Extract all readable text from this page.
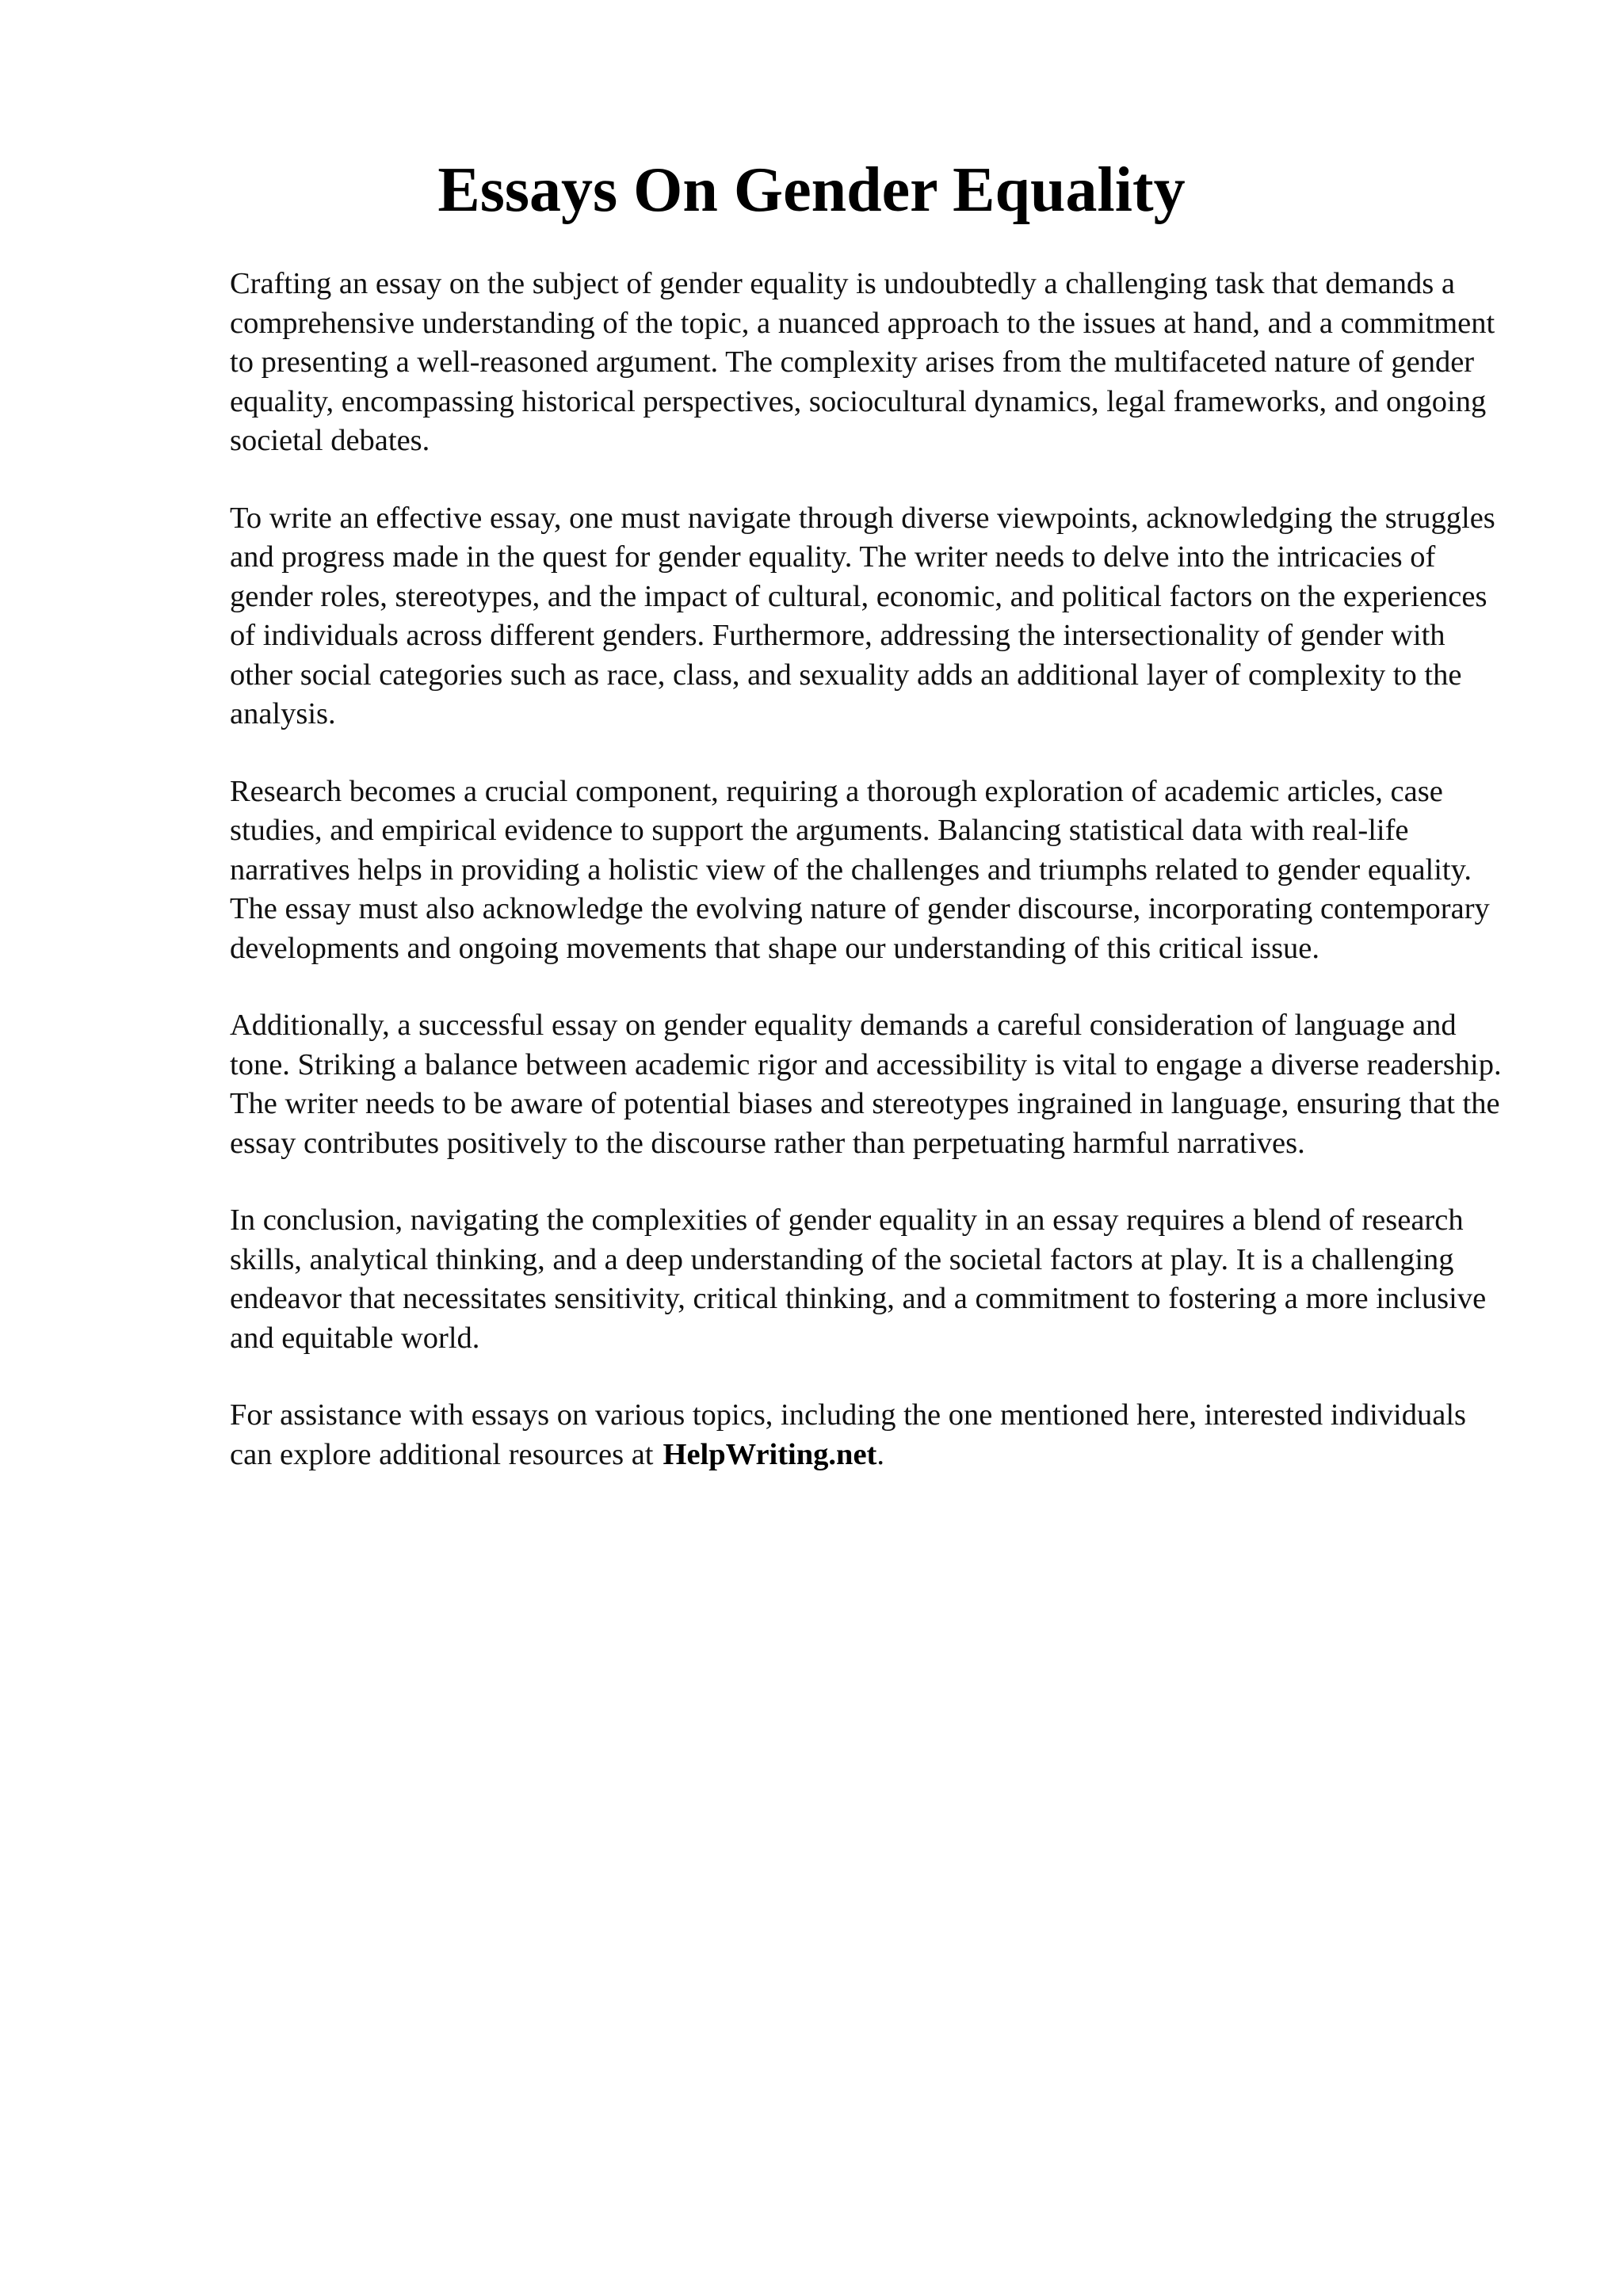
Essays On Gender Equality

Crafting an essay on the subject of gender equality is undoubtedly a challenging task that demands a comprehensive understanding of the topic, a nuanced approach to the issues at hand, and a commitment to presenting a well-reasoned argument. The complexity arises from the multifaceted nature of gender equality, encompassing historical perspectives, sociocultural dynamics, legal frameworks, and ongoing societal debates.

To write an effective essay, one must navigate through diverse viewpoints, acknowledging the struggles and progress made in the quest for gender equality. The writer needs to delve into the intricacies of gender roles, stereotypes, and the impact of cultural, economic, and political factors on the experiences of individuals across different genders. Furthermore, addressing the intersectionality of gender with other social categories such as race, class, and sexuality adds an additional layer of complexity to the analysis.

Research becomes a crucial component, requiring a thorough exploration of academic articles, case studies, and empirical evidence to support the arguments. Balancing statistical data with real-life narratives helps in providing a holistic view of the challenges and triumphs related to gender equality. The essay must also acknowledge the evolving nature of gender discourse, incorporating contemporary developments and ongoing movements that shape our understanding of this critical issue.

Additionally, a successful essay on gender equality demands a careful consideration of language and tone. Striking a balance between academic rigor and accessibility is vital to engage a diverse readership. The writer needs to be aware of potential biases and stereotypes ingrained in language, ensuring that the essay contributes positively to the discourse rather than perpetuating harmful narratives.

In conclusion, navigating the complexities of gender equality in an essay requires a blend of research skills, analytical thinking, and a deep understanding of the societal factors at play. It is a challenging endeavor that necessitates sensitivity, critical thinking, and a commitment to fostering a more inclusive and equitable world.

For assistance with essays on various topics, including the one mentioned here, interested individuals can explore additional resources at HelpWriting.net.
